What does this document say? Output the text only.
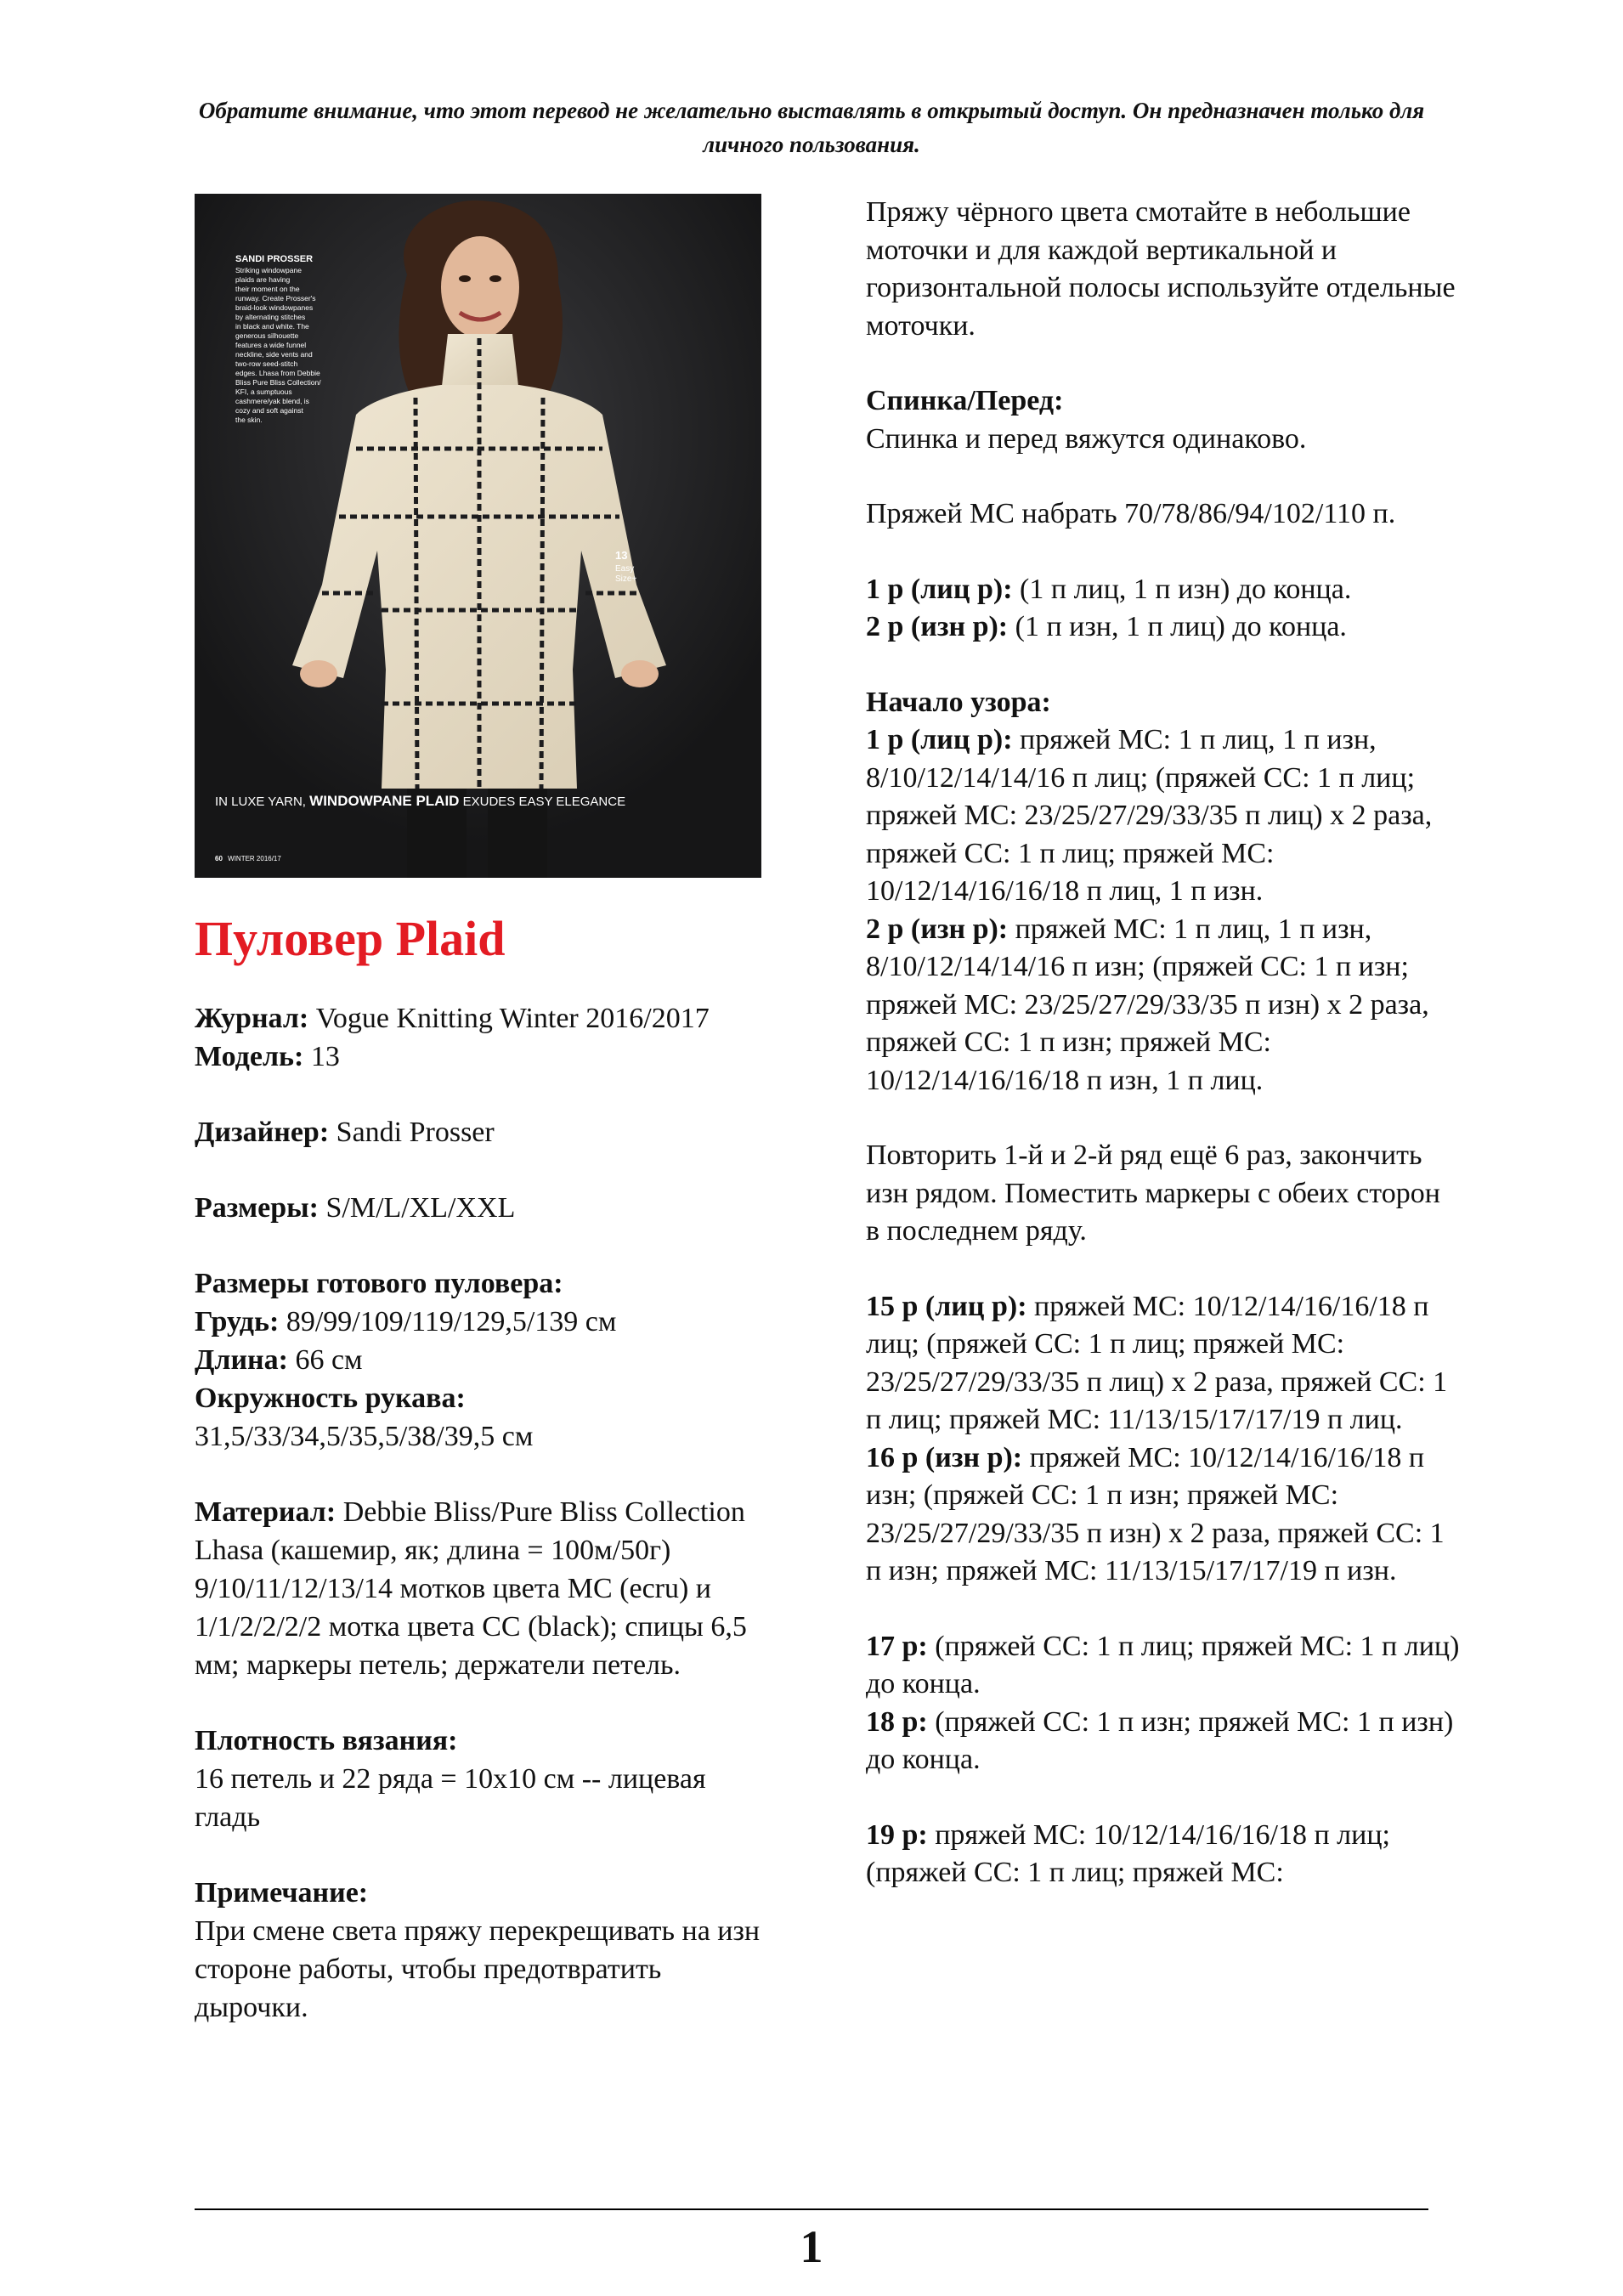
Обратите внимание, что этот перевод не желательно выставлять в открытый доступ. Он предназначен только для личного пользования.
SANDI PROSSER
Striking windowpane
plaids are having
their moment on the
runway. Create Prosser's
braid-look windowpanes
by alternating stitches
in black and white. The
generous silhouette
features a wide funnel
neckline, side vents and
two-row seed-stitch
edges. Lhasa from Debbie
Bliss Pure Bliss Collection/
KFI, a sumptuous
cashmere/yak blend, is
cozy and soft against
the skin.
13
Easy
Size+
IN LUXE YARN, WINDOWPANE PLAID EXUDES EASY ELEGANCE
60 WINTER 2016/17
Пуловер Plaid
Журнал: Vogue Knitting Winter 2016/2017
Модель: 13
Дизайнер: Sandi Prosser
Размеры: S/M/L/XL/XXL
Размеры готового пуловера:
Грудь: 89/99/109/119/129,5/139 см
Длина: 66 см
Окружность рукава:
31,5/33/34,5/35,5/38/39,5 см
Материал: Debbie Bliss/Pure Bliss Collection Lhasa (кашемир, як; длина = 100м/50г) 9/10/11/12/13/14 мотков цвета MC (ecru) и 1/1/2/2/2/2 мотка цвета CC (black); спицы 6,5 мм; маркеры петель; держатели петель.
Плотность вязания:
16 петель и 22 ряда = 10х10 см -- лицевая гладь
Примечание:
При смене света пряжу перекрещивать на изн стороне работы, чтобы предотвратить дырочки.
Пряжу чёрного цвета смотайте в небольшие моточки и для каждой вертикальной и горизонтальной полосы используйте отдельные моточки.
Спинка/Перед:
Спинка и перед вяжутся одинаково.
Пряжей MC набрать 70/78/86/94/102/110 п.
1 р (лиц р): (1 п лиц, 1 п изн) до конца.
2 р (изн р): (1 п изн, 1 п лиц) до конца.
Начало узора:
1 р (лиц р): пряжей MC: 1 п лиц, 1 п изн, 8/10/12/14/14/16 п лиц; (пряжей CC: 1 п лиц; пряжей MC: 23/25/27/29/33/35 п лиц) х 2 раза, пряжей CC: 1 п лиц; пряжей MC: 10/12/14/16/16/18 п лиц, 1 п изн.
2 р (изн р): пряжей MC: 1 п лиц, 1 п изн, 8/10/12/14/14/16 п изн; (пряжей CC: 1 п изн; пряжей MC: 23/25/27/29/33/35 п изн) х 2 раза, пряжей CC: 1 п изн; пряжей MC: 10/12/14/16/16/18 п изн, 1 п лиц.
Повторить 1-й и 2-й ряд ещё 6 раз, закончить изн рядом. Поместить маркеры с обеих сторон в последнем ряду.
15 р (лиц р): пряжей MC: 10/12/14/16/16/18 п лиц; (пряжей CC: 1 п лиц; пряжей MC: 23/25/27/29/33/35 п лиц) х 2 раза, пряжей CC: 1 п лиц; пряжей MC: 11/13/15/17/17/19 п лиц.
16 р (изн р): пряжей MC: 10/12/14/16/16/18 п изн; (пряжей CC: 1 п изн; пряжей MC: 23/25/27/29/33/35 п изн) х 2 раза, пряжей CC: 1 п изн; пряжей MC: 11/13/15/17/17/19 п изн.
17 р: (пряжей CC: 1 п лиц; пряжей MC: 1 п лиц) до конца.
18 р: (пряжей CC: 1 п изн; пряжей MC: 1 п изн) до конца.
19 р: пряжей MC: 10/12/14/16/16/18 п лиц; (пряжей CC: 1 п лиц; пряжей MC:
1
